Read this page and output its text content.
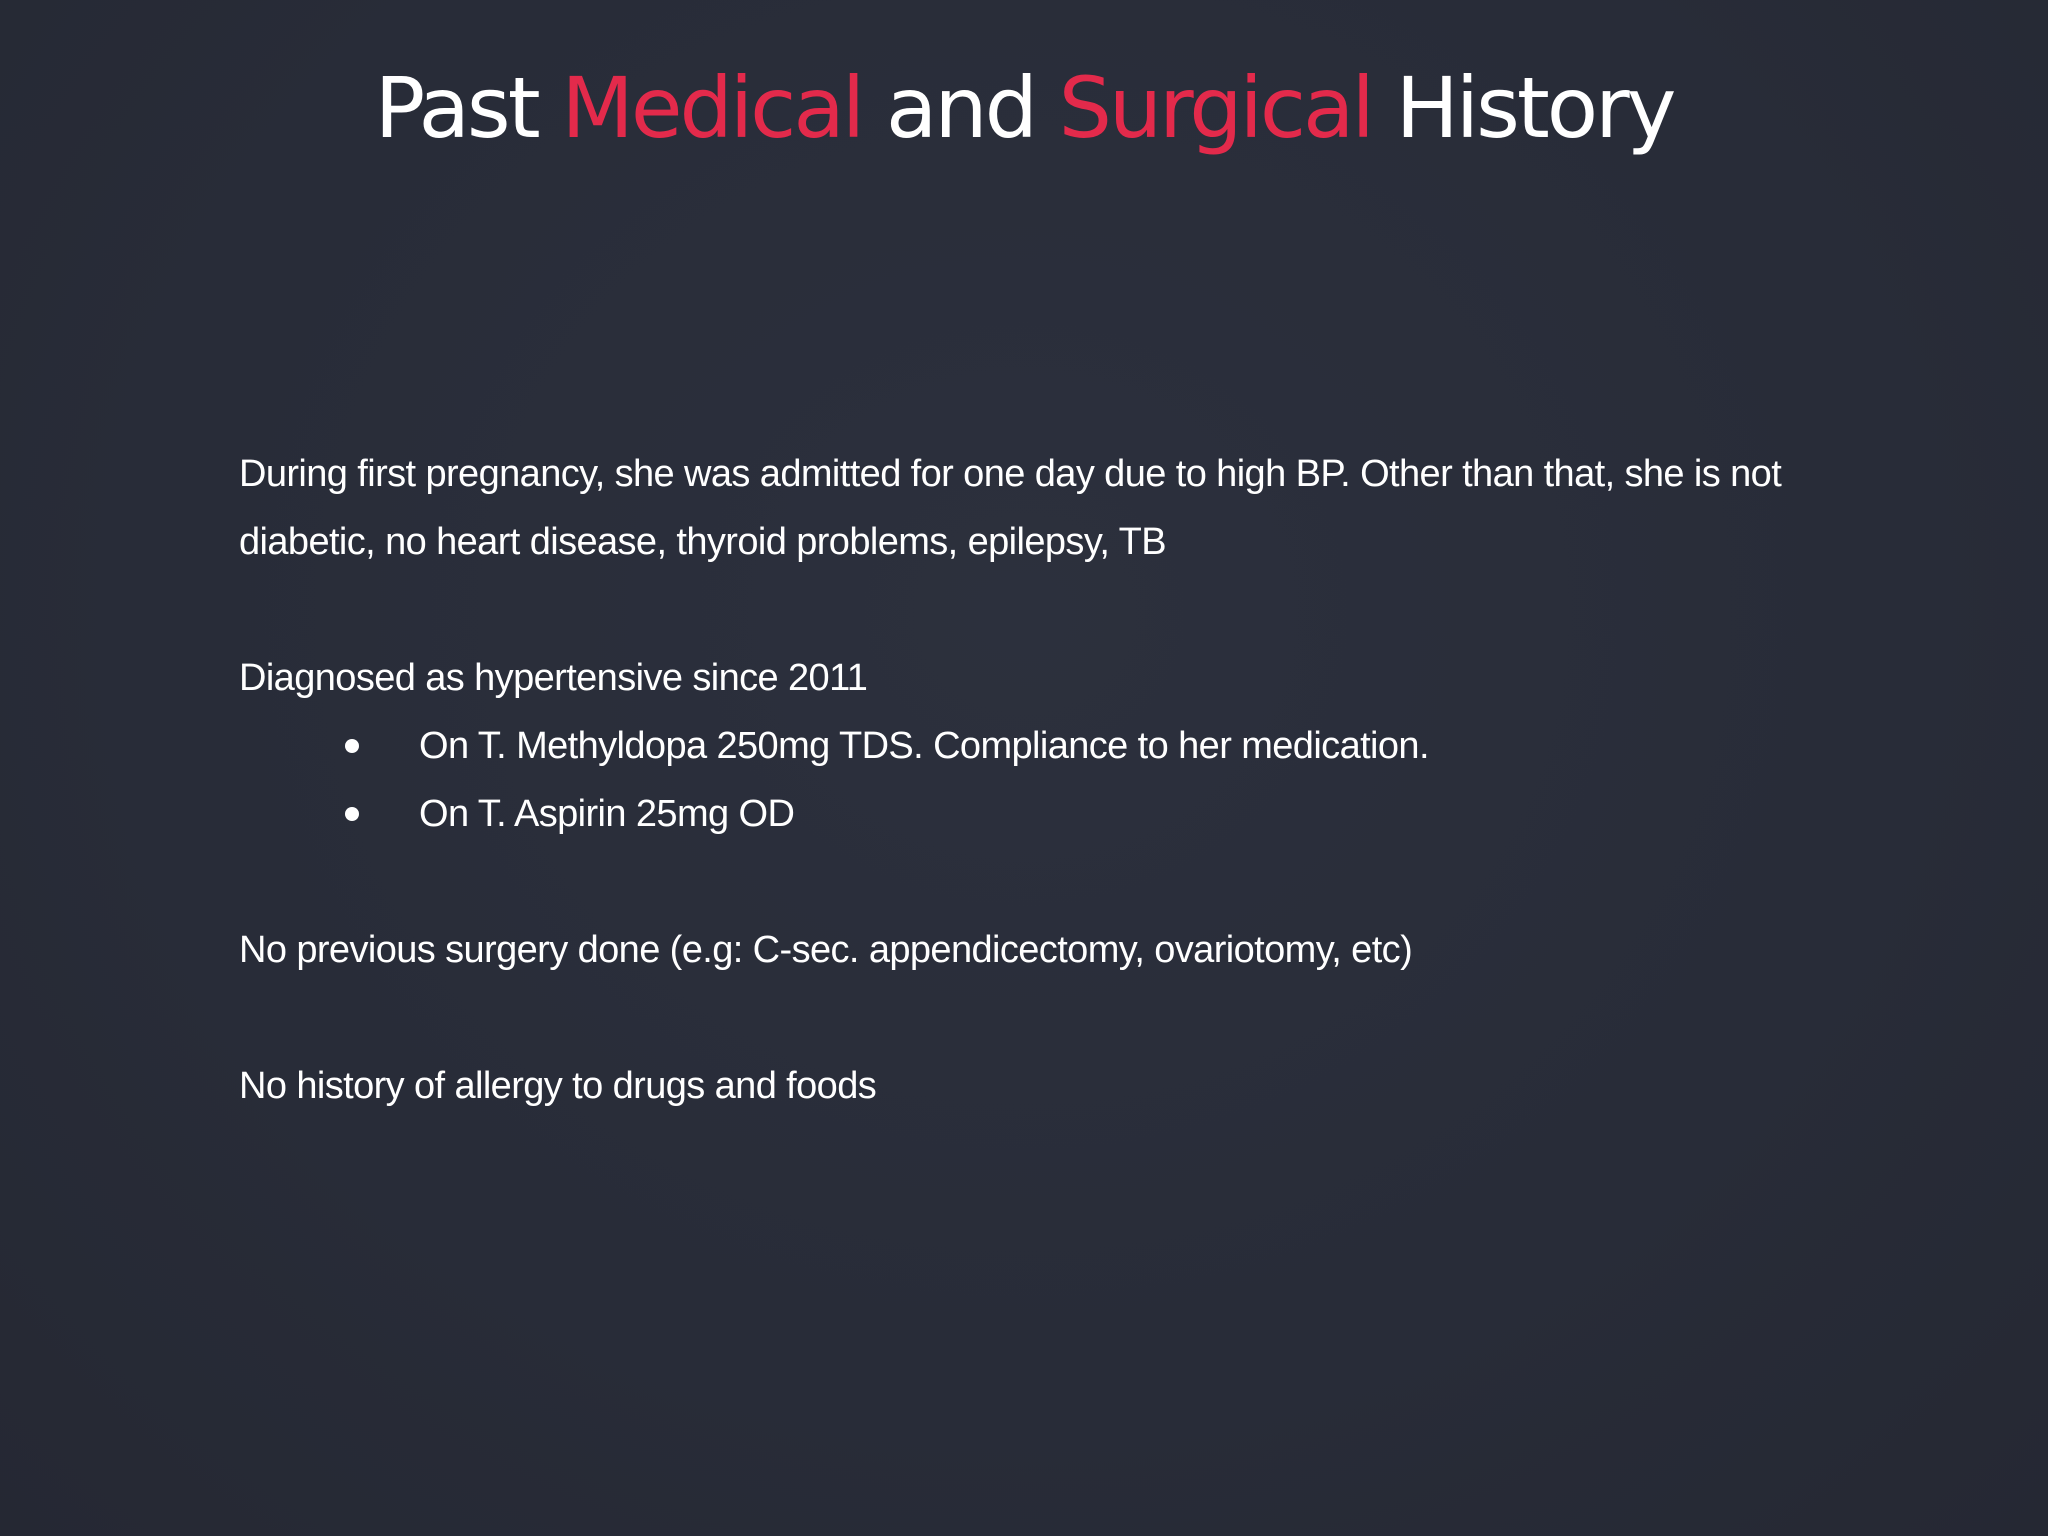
Past Medical and Surgical History

During first pregnancy, she was admitted for one day due to high BP. Other than that, she is not diabetic, no heart disease, thyroid problems, epilepsy, TB

Diagnosed as hypertensive since 2011

On T. Methyldopa 250mg TDS. Compliance to her medication.
On T. Aspirin 25mg OD

No previous surgery done (e.g: C-sec. appendicectomy, ovariotomy, etc)

No history of allergy to drugs and foods
